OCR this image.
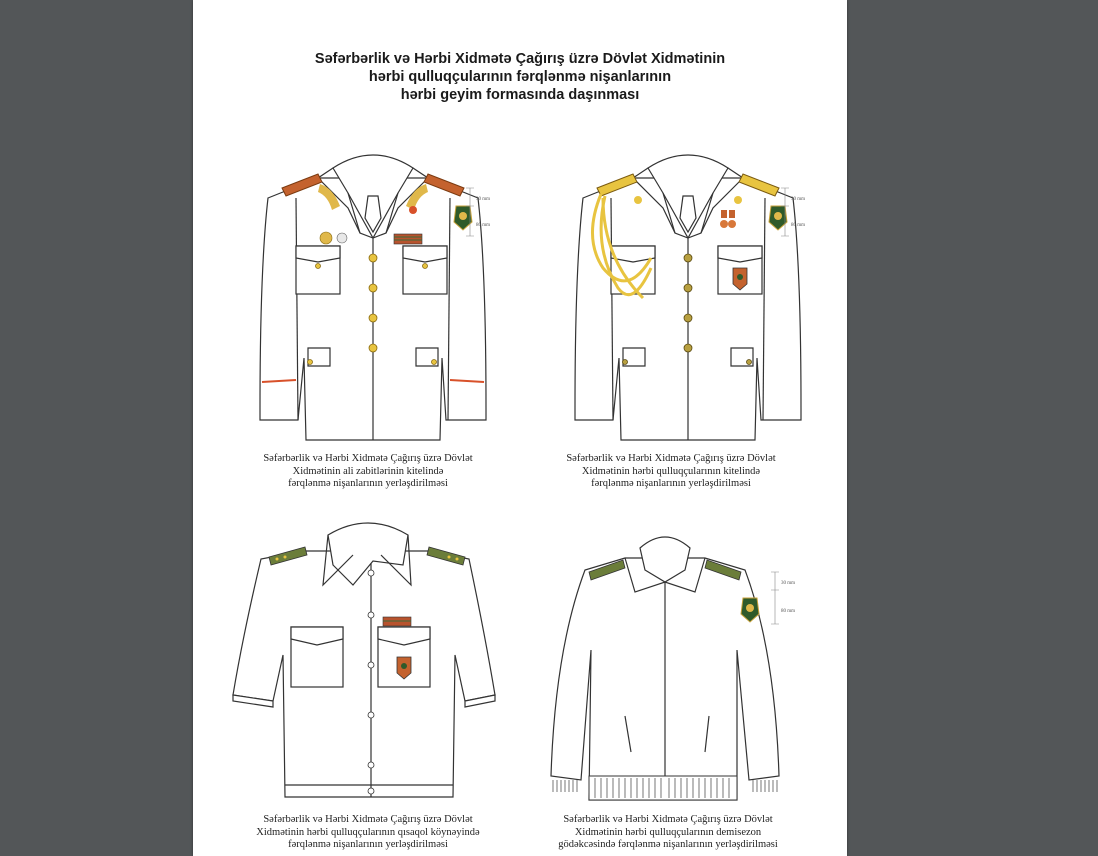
Səfərbərlik və Hərbi Xidmətə Çağırış üzrə Dövlət Xidmətinin
hərbi qulluqçularının fərqlənmə nişanlarının
hərbi geyim formasında daşınması
30 mm
80 mm
Səfərbərlik və Hərbi Xidmətə Çağırış üzrə Dövlət
Xidmətinin ali zabitlərinin kitelində
fərqlənmə nişanlarının yerləşdirilməsi
30 mm
80 mm
Səfərbərlik və Hərbi Xidmətə Çağırış üzrə Dövlət
Xidmətinin hərbi qulluqçularının kitelində
fərqlənmə nişanlarının yerləşdirilməsi
Səfərbərlik və Hərbi Xidmətə Çağırış üzrə Dövlət
Xidmətinin hərbi qulluqçularının qısaqol köynəyində
fərqlənmə nişanlarının yerləşdirilməsi
30 mm
80 mm
Səfərbərlik və Hərbi Xidmətə Çağırış üzrə Dövlət
Xidmətinin hərbi qulluqçularının demisezon
gödəkcəsində fərqlənmə nişanlarının yerləşdirilməsi
